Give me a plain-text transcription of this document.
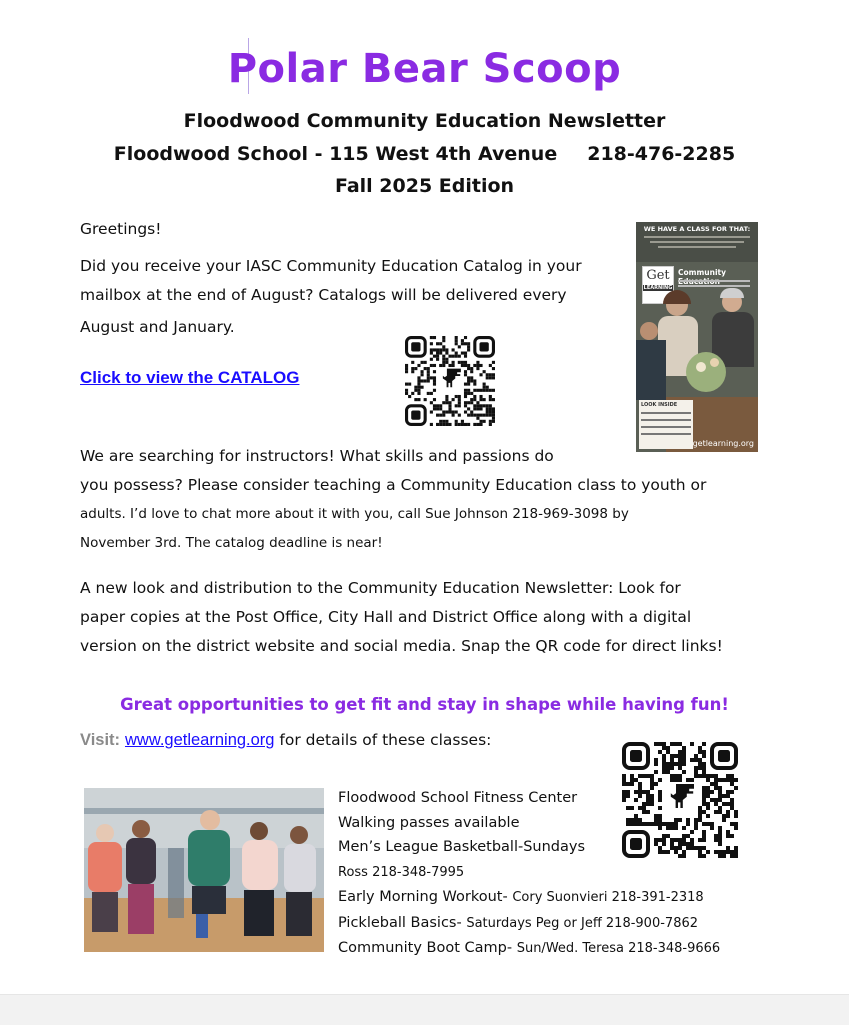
Polar Bear Scoop
Floodwood Community Education Newsletter
Floodwood School - 115 West 4th Avenue 218-476-2285
Fall 2025 Edition
Greetings!
Did you receive your IASC Community Education Catalog in your
mailbox at the end of August? Catalogs will be delivered every
August and January.
Click to view the CATALOG
WE HAVE A CLASS FOR THAT:
Get
LEARNING
Community
LOOK INSIDE
getlearning.org
We are searching for instructors! What skills and passions do
you possess? Please consider teaching a Community Education class to youth or
adults. I’d love to chat more about it with you, call Sue Johnson 218-969-3098 by
November 3rd. The catalog deadline is near!
A new look and distribution to the Community Education Newsletter: Look for
paper copies at the Post Office, City Hall and District Office along with a digital
version on the district website and social media. Snap the QR code for direct links!
Great opportunities to get fit and stay in shape while having fun!
Visit: www.getlearning.org for details of these classes:
Floodwood School Fitness Center
Walking passes available
Men’s League Basketball-Sundays
Ross 218-348-7995
Early Morning Workout- Cory Suonvieri 218-391-2318
Pickleball Basics- Saturdays Peg or Jeff 218-900-7862
Community Boot Camp- Sun/Wed. Teresa 218-348-9666
